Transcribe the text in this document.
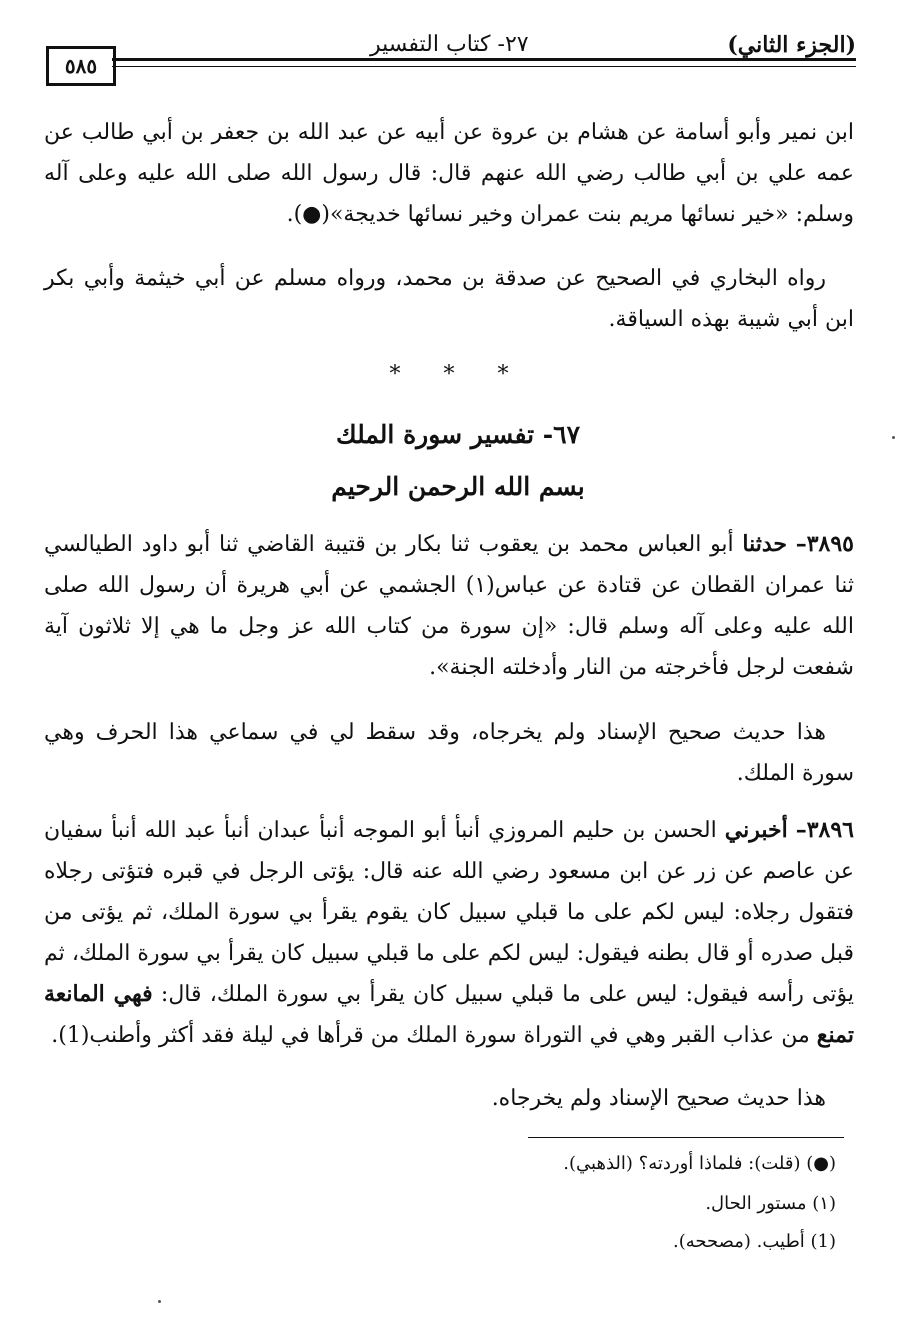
(الجزء الثاني)
٢٧- كتاب التفسير
٥٨٥
ابن نمير وأبو أسامة عن هشام بن عروة عن أبيه عن عبد الله بن جعفر بن أبي طالب عن عمه علي بن أبي طالب رضي الله عنهم قال: قال رسول الله صلى الله عليه وعلى آله وسلم: «خير نسائها مريم بنت عمران وخير نسائها خديجة»(●).
رواه البخاري في الصحيح عن صدقة بن محمد، ورواه مسلم عن أبي خيثمة وأبي بكر ابن أبي شيبة بهذه السياقة.
* * *
٦٧- تفسير سورة الملك
بسم الله الرحمن الرحيم
٣٨٩٥– حدثنا أبو العباس محمد بن يعقوب ثنا بكار بن قتيبة القاضي ثنا أبو داود الطيالسي ثنا عمران القطان عن قتادة عن عباس(١) الجشمي عن أبي هريرة أن رسول الله صلى الله عليه وعلى آله وسلم قال: «إن سورة من كتاب الله عز وجل ما هي إلا ثلاثون آية شفعت لرجل فأخرجته من النار وأدخلته الجنة».
هذا حديث صحيح الإسناد ولم يخرجاه، وقد سقط لي في سماعي هذا الحرف وهي سورة الملك.
٣٨٩٦– أخبرني الحسن بن حليم المروزي أنبأ أبو الموجه أنبأ عبدان أنبأ عبد الله أنبأ سفيان عن عاصم عن زر عن ابن مسعود رضي الله عنه قال: يؤتى الرجل في قبره فتؤتى رجلاه فتقول رجلاه: ليس لكم على ما قبلي سبيل كان يقوم يقرأ بي سورة الملك، ثم يؤتى من قبل صدره أو قال بطنه فيقول: ليس لكم على ما قبلي سبيل كان يقرأ بي سورة الملك، ثم يؤتى رأسه فيقول: ليس على ما قبلي سبيل كان يقرأ بي سورة الملك، قال: فهي المانعة تمنع من عذاب القبر وهي في التوراة سورة الملك من قرأها في ليلة فقد أكثر وأطنب(1).
هذا حديث صحيح الإسناد ولم يخرجاه.
(●) (قلت): فلماذا أوردته؟ (الذهبي).
(١) مستور الحال.
(1) أطيب. (مصححه).
